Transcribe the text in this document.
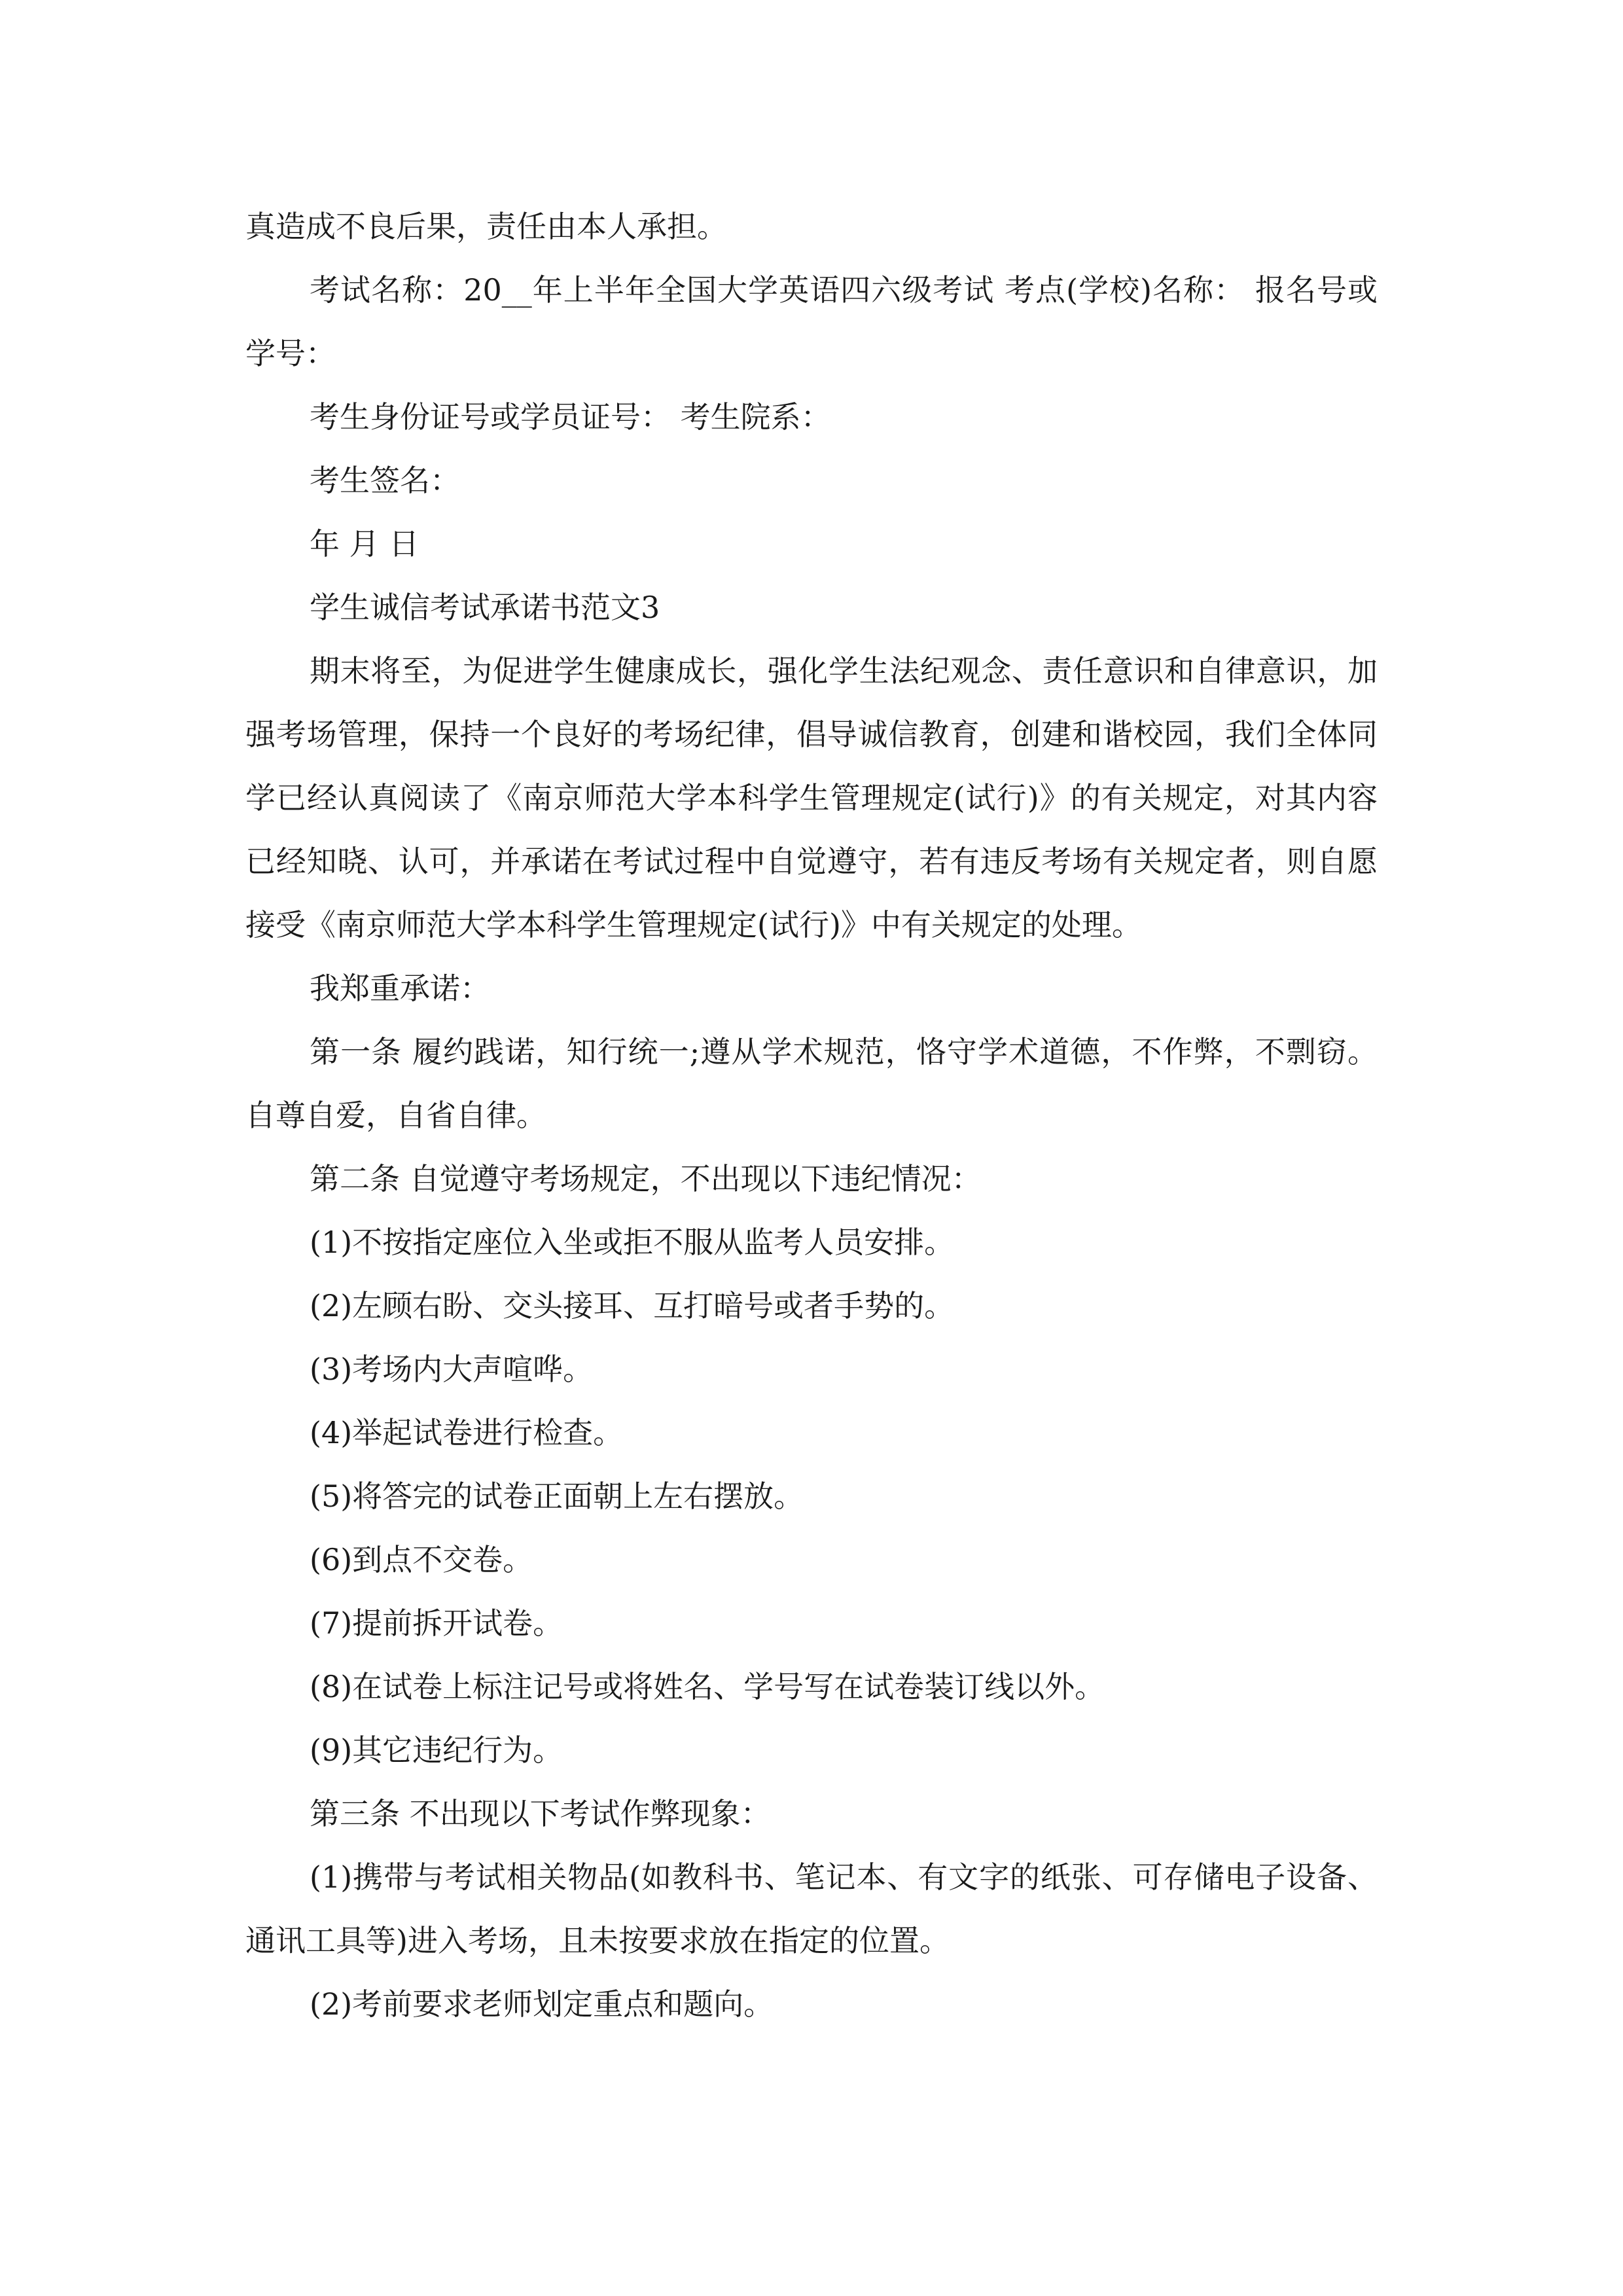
真造成不良后果，责任由本人承担。

考试名称：20__年上半年全国大学英语四六级考试 考点(学校)名称： 报名号或学号：

考生身份证号或学员证号： 考生院系：

考生签名：

年 月 日

学生诚信考试承诺书范文3

期末将至，为促进学生健康成长，强化学生法纪观念、责任意识和自律意识，加强考场管理，保持一个良好的考场纪律，倡导诚信教育，创建和谐校园，我们全体同学已经认真阅读了《南京师范大学本科学生管理规定(试行)》的有关规定，对其内容已经知晓、认可，并承诺在考试过程中自觉遵守，若有违反考场有关规定者，则自愿接受《南京师范大学本科学生管理规定(试行)》中有关规定的处理。

我郑重承诺：

第一条 履约践诺，知行统一;遵从学术规范，恪守学术道德，不作弊，不剽窃。自尊自爱，自省自律。

第二条 自觉遵守考场规定，不出现以下违纪情况：

(1)不按指定座位入坐或拒不服从监考人员安排。

(2)左顾右盼、交头接耳、互打暗号或者手势的。

(3)考场内大声喧哗。

(4)举起试卷进行检查。

(5)将答完的试卷正面朝上左右摆放。

(6)到点不交卷。

(7)提前拆开试卷。

(8)在试卷上标注记号或将姓名、学号写在试卷装订线以外。

(9)其它违纪行为。

第三条 不出现以下考试作弊现象：

(1)携带与考试相关物品(如教科书、笔记本、有文字的纸张、可存储电子设备、通讯工具等)进入考场，且未按要求放在指定的位置。

(2)考前要求老师划定重点和题向。
